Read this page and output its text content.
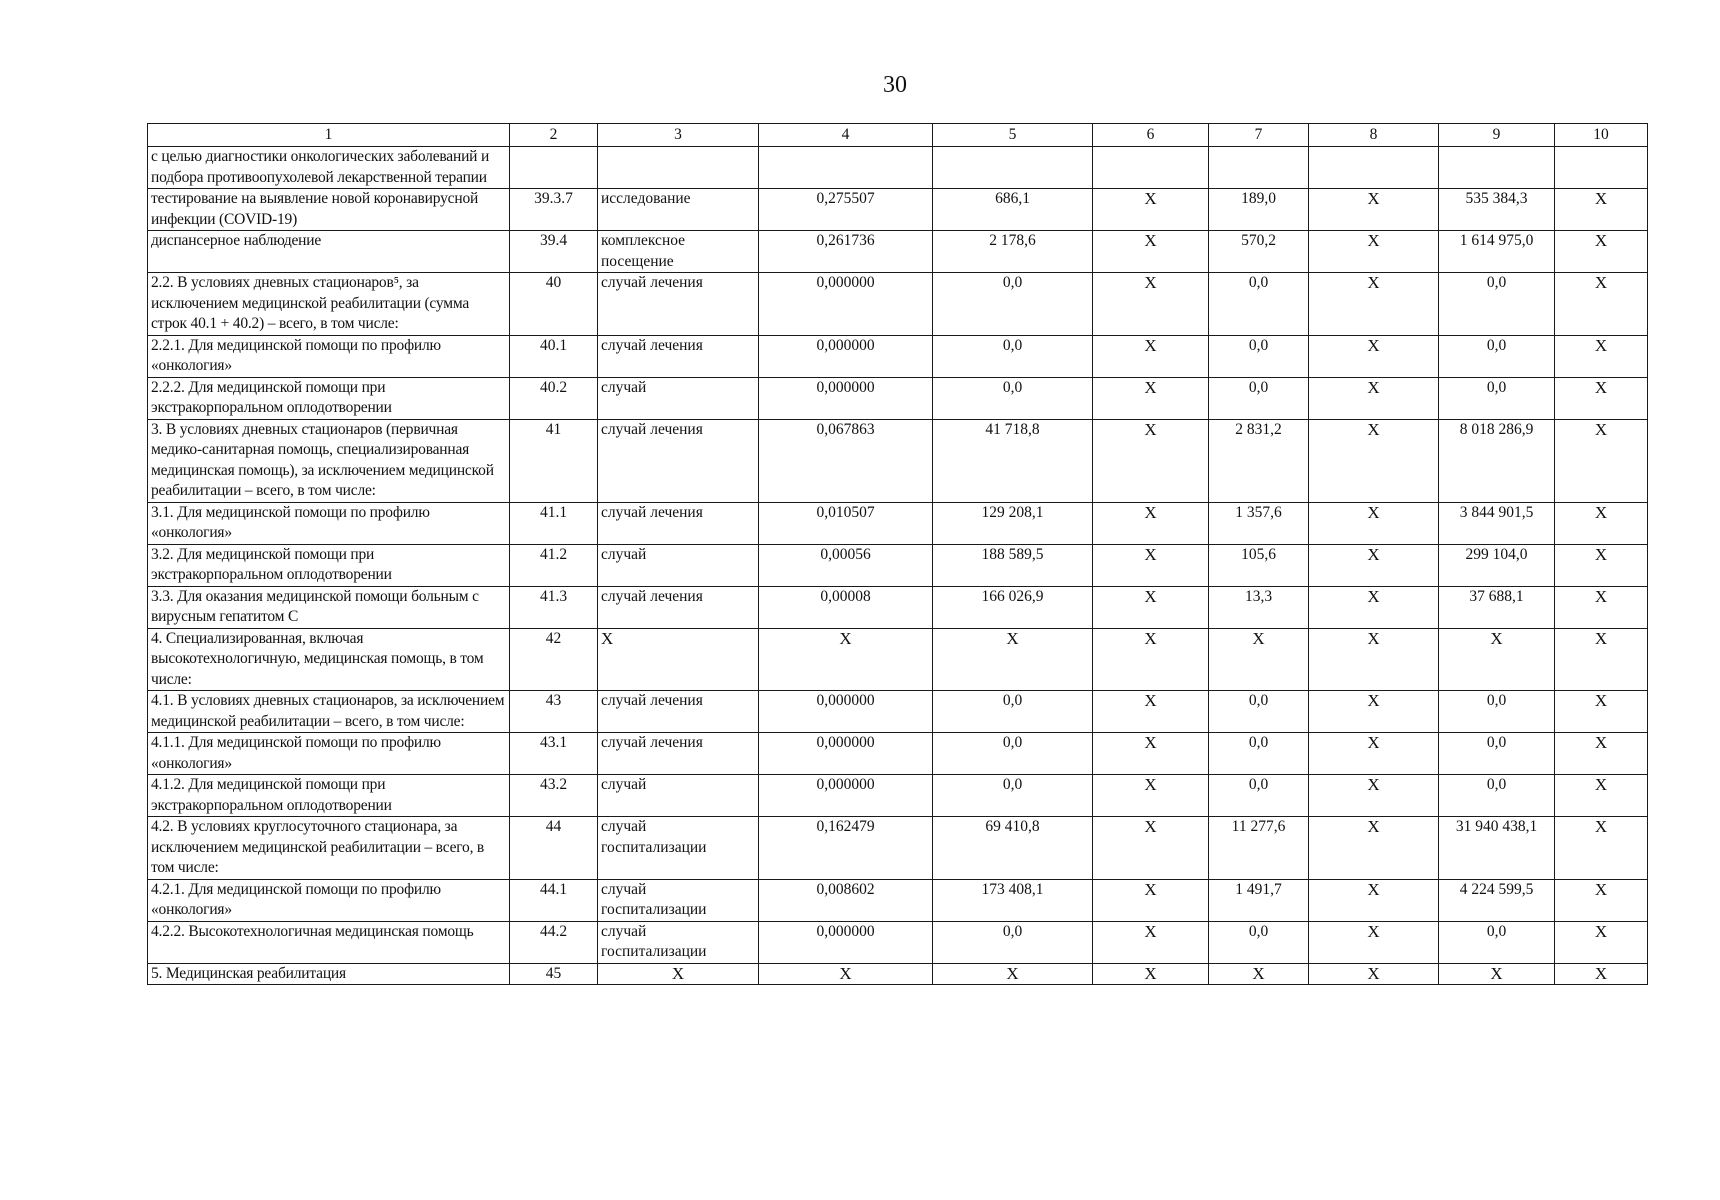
30
1	2	3	4	5	6	7	8	9	10
с целью диагностики онкологических заболеваний и подбора противоопухолевой лекарственной терапии									
тестирование на выявление новой коронавирусной инфекции (COVID-19)	39.3.7	исследование	0,275507	686,1	X	189,0	X	535 384,3	X
диспансерное наблюдение	39.4	комплексное посещение	0,261736	2 178,6	X	570,2	X	1 614 975,0	X
2.2. В условиях дневных стационаров⁵, за исключением медицинской реабилитации (сумма строк 40.1 + 40.2) – всего, в том числе:	40	случай лечения	0,000000	0,0	X	0,0	X	0,0	X
2.2.1. Для медицинской помощи по профилю «онкология»	40.1	случай лечения	0,000000	0,0	X	0,0	X	0,0	X
2.2.2. Для медицинской помощи при экстракорпоральном оплодотворении	40.2	случай	0,000000	0,0	X	0,0	X	0,0	X
3. В условиях дневных стационаров (первичная медико-санитарная помощь, специализированная медицинская помощь), за исключением медицинской реабилитации – всего, в том числе:	41	случай лечения	0,067863	41 718,8	X	2 831,2	X	8 018 286,9	X
3.1. Для медицинской помощи по профилю «онкология»	41.1	случай лечения	0,010507	129 208,1	X	1 357,6	X	3 844 901,5	X
3.2. Для медицинской помощи при экстракорпоральном оплодотворении	41.2	случай	0,00056	188 589,5	X	105,6	X	299 104,0	X
3.3. Для оказания медицинской помощи больным с вирусным гепатитом C	41.3	случай лечения	0,00008	166 026,9	X	13,3	X	37 688,1	X
4. Специализированная, включая высокотехнологичную, медицинская помощь, в том числе:	42	X	X	X	X	X	X	X	X
4.1. В условиях дневных стационаров, за исключением медицинской реабилитации – всего, в том числе:	43	случай лечения	0,000000	0,0	X	0,0	X	0,0	X
4.1.1. Для медицинской помощи по профилю «онкология»	43.1	случай лечения	0,000000	0,0	X	0,0	X	0,0	X
4.1.2. Для медицинской помощи при экстракорпоральном оплодотворении	43.2	случай	0,000000	0,0	X	0,0	X	0,0	X
4.2. В условиях круглосуточного стационара, за исключением медицинской реабилитации – всего, в том числе:	44	случай госпитализации	0,162479	69 410,8	X	11 277,6	X	31 940 438,1	X
4.2.1. Для медицинской помощи по профилю «онкология»	44.1	случай госпитализации	0,008602	173 408,1	X	1 491,7	X	4 224 599,5	X
4.2.2. Высокотехнологичная медицинская помощь	44.2	случай госпитализации	0,000000	0,0	X	0,0	X	0,0	X
5. Медицинская реабилитация	45	X	X	X	X	X	X	X	X
